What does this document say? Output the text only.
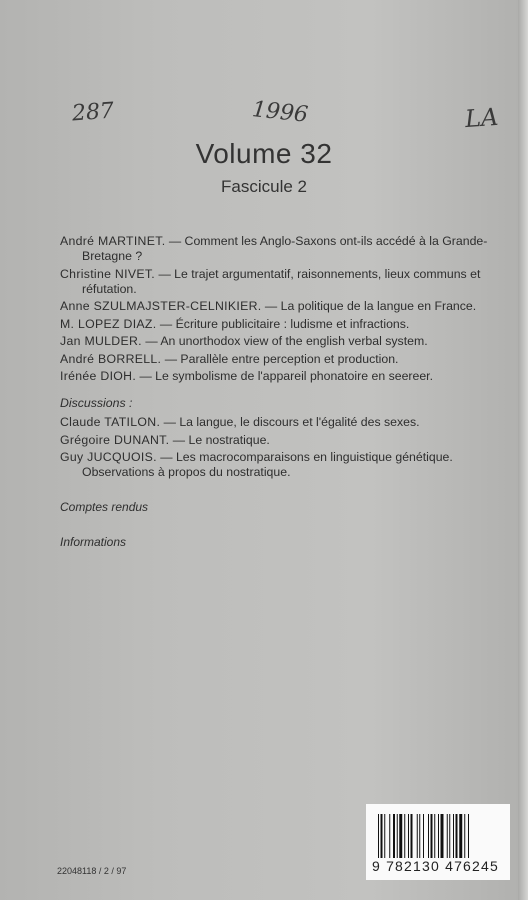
287	1996	LA
Volume 32
Fascicule 2
André MARTINET. — Comment les Anglo-Saxons ont-ils accédé à la Grande-Bretagne ?
Christine NIVET. — Le trajet argumentatif, raisonnements, lieux communs et réfutation.
Anne SZULMAJSTER-CELNIKIER. — La politique de la langue en France.
M. LOPEZ DIAZ. — Écriture publicitaire : ludisme et infractions.
Jan MULDER. — An unorthodox view of the english verbal system.
André BORRELL. — Parallèle entre perception et production.
Irénée DIOH. — Le symbolisme de l'appareil phonatoire en seereer.
Discussions :
Claude TATILON. — La langue, le discours et l'égalité des sexes.
Grégoire DUNANT. — Le nostratique.
Guy JUCQUOIS. — Les macrocomparaisons en linguistique génétique. Observations à propos du nostratique.
Comptes rendus
Informations
9 782130 476245
22048118 / 2 / 97
